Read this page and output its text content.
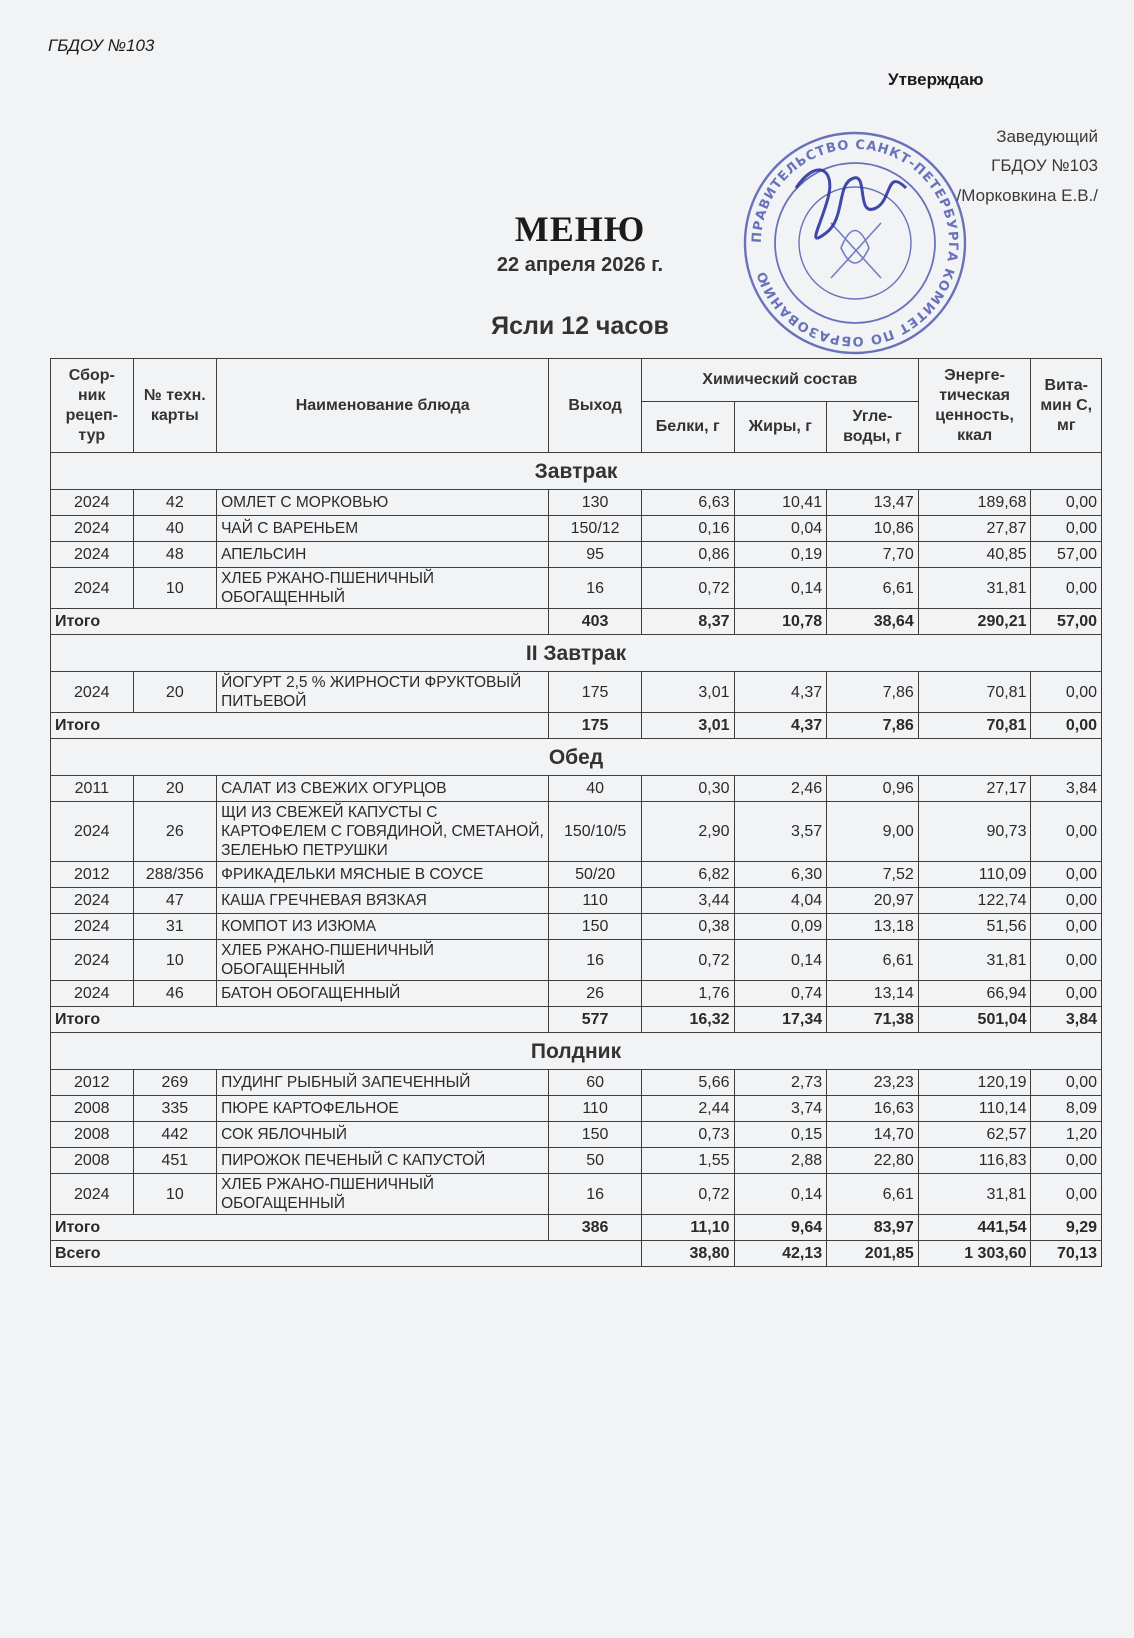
ГБДОУ №103
Утверждаю
Заведующий
ГБДОУ №103
/Морковкина Е.В./
ПРАВИТЕЛЬСТВО САНКТ-ПЕТЕРБУРГА КОМИТЕТ ПО ОБРАЗОВАНИЮ
МЕНЮ
22 апреля 2026 г.
Ясли 12 часов
Сбор-ник рецеп-тур	№ техн. карты	Наименование блюда	Выход	Химический состав			Энерге-тическая ценность, ккал	Вита-мин С, мг
				Белки, г	Жиры, г	Угле-воды, г		
Завтрак								
2024	42	ОМЛЕТ С МОРКОВЬЮ	130	6,63	10,41	13,47	189,68	0,00
2024	40	ЧАЙ С ВАРЕНЬЕМ	150/12	0,16	0,04	10,86	27,87	0,00
2024	48	АПЕЛЬСИН	95	0,86	0,19	7,70	40,85	57,00
2024	10	ХЛЕБ РЖАНО-ПШЕНИЧНЫЙ ОБОГАЩЕННЫЙ	16	0,72	0,14	6,61	31,81	0,00
Итого			403	8,37	10,78	38,64	290,21	57,00
II Завтрак								
2024	20	ЙОГУРТ 2,5 % ЖИРНОСТИ ФРУКТОВЫЙ ПИТЬЕВОЙ	175	3,01	4,37	7,86	70,81	0,00
Итого			175	3,01	4,37	7,86	70,81	0,00
Обед								
2011	20	САЛАТ ИЗ СВЕЖИХ ОГУРЦОВ	40	0,30	2,46	0,96	27,17	3,84
2024	26	ЩИ ИЗ СВЕЖЕЙ КАПУСТЫ С КАРТОФЕЛЕМ С ГОВЯДИНОЙ, СМЕТАНОЙ, ЗЕЛЕНЬЮ ПЕТРУШКИ	150/10/5	2,90	3,57	9,00	90,73	0,00
2012	288/356	ФРИКАДЕЛЬКИ МЯСНЫЕ В СОУСЕ	50/20	6,82	6,30	7,52	110,09	0,00
2024	47	КАША ГРЕЧНЕВАЯ ВЯЗКАЯ	110	3,44	4,04	20,97	122,74	0,00
2024	31	КОМПОТ ИЗ ИЗЮМА	150	0,38	0,09	13,18	51,56	0,00
2024	10	ХЛЕБ РЖАНО-ПШЕНИЧНЫЙ ОБОГАЩЕННЫЙ	16	0,72	0,14	6,61	31,81	0,00
2024	46	БАТОН ОБОГАЩЕННЫЙ	26	1,76	0,74	13,14	66,94	0,00
Итого			577	16,32	17,34	71,38	501,04	3,84
Полдник								
2012	269	ПУДИНГ РЫБНЫЙ ЗАПЕЧЕННЫЙ	60	5,66	2,73	23,23	120,19	0,00
2008	335	ПЮРЕ КАРТОФЕЛЬНОЕ	110	2,44	3,74	16,63	110,14	8,09
2008	442	СОК ЯБЛОЧНЫЙ	150	0,73	0,15	14,70	62,57	1,20
2008	451	ПИРОЖОК ПЕЧЕНЫЙ С КАПУСТОЙ	50	1,55	2,88	22,80	116,83	0,00
2024	10	ХЛЕБ РЖАНО-ПШЕНИЧНЫЙ ОБОГАЩЕННЫЙ	16	0,72	0,14	6,61	31,81	0,00
Итого			386	11,10	9,64	83,97	441,54	9,29
Всего				38,80	42,13	201,85	1 303,60	70,13
